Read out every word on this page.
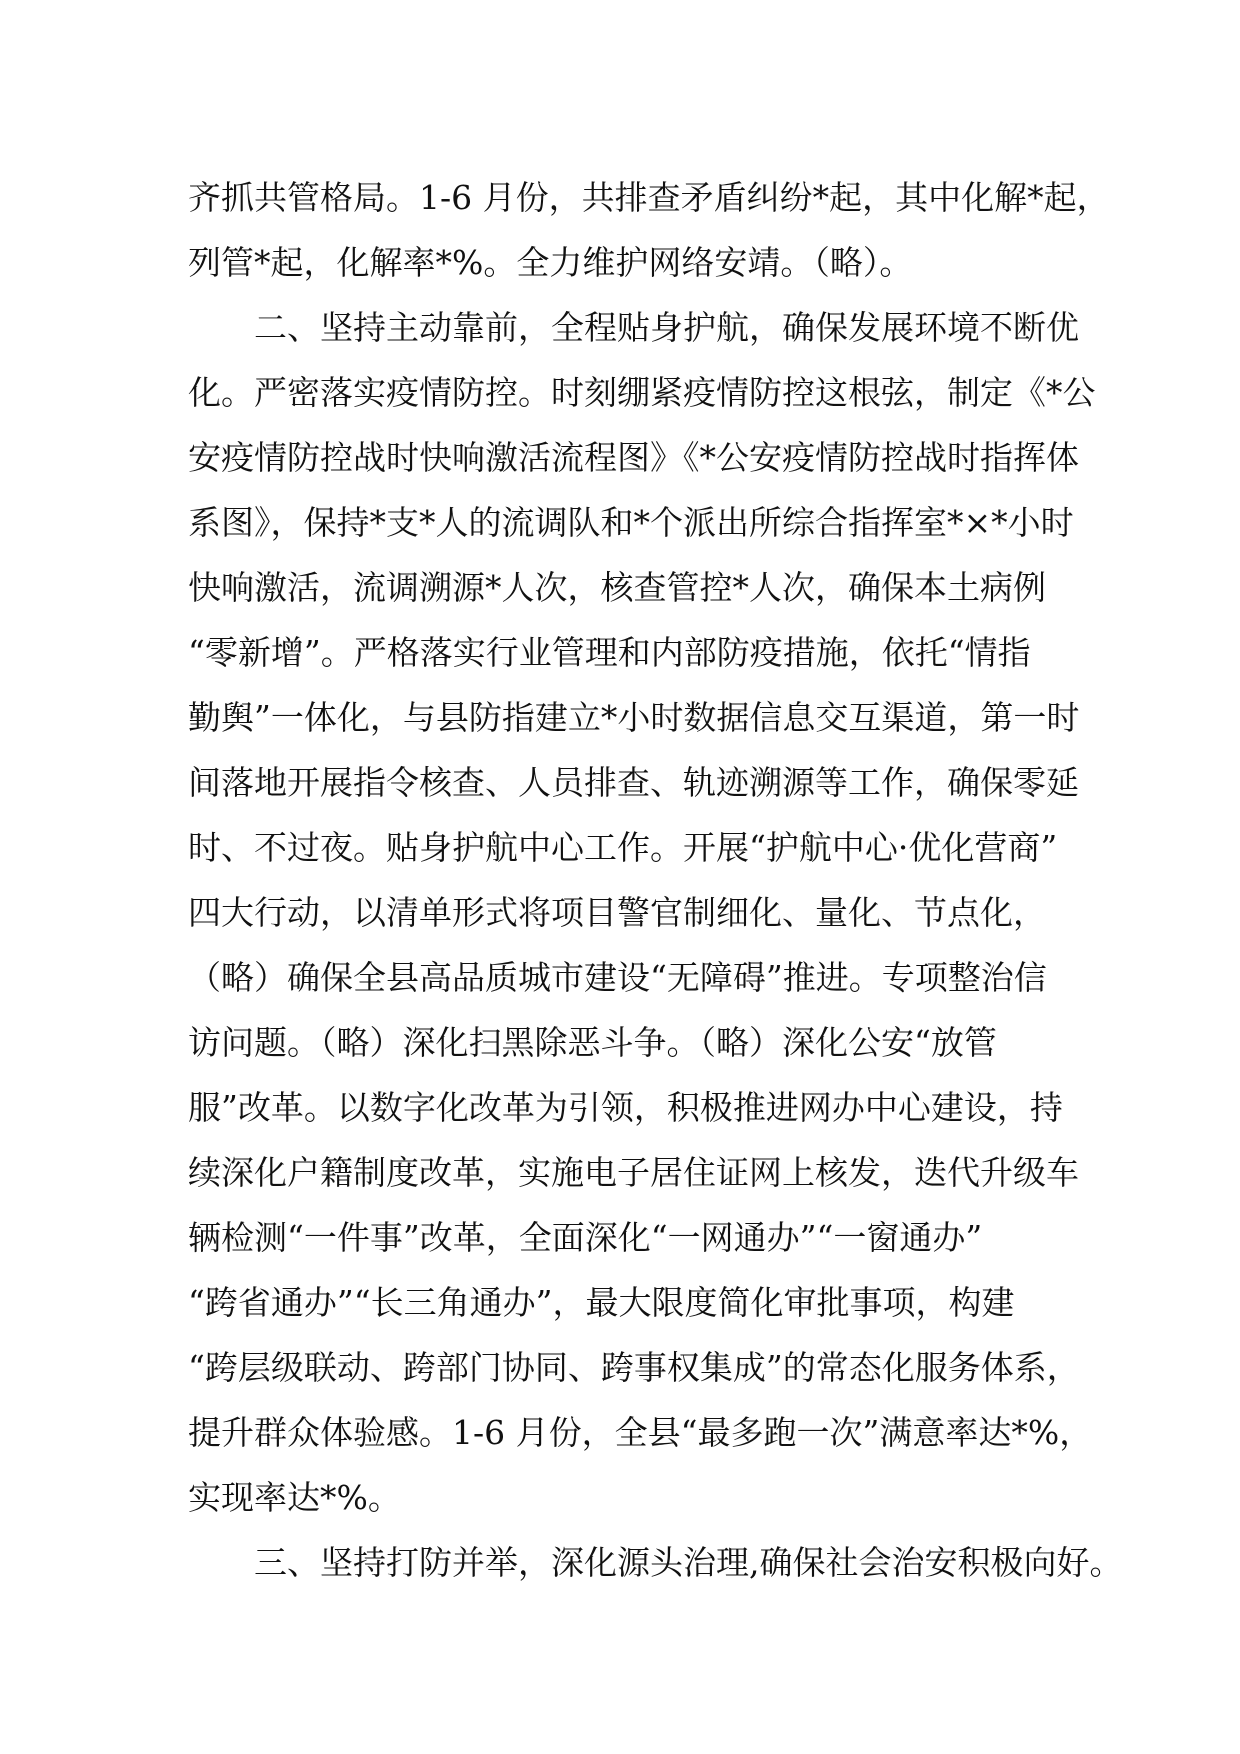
齐抓共管格局。1-6 月份，共排查矛盾纠纷*起，其中化解*起，
列管*起，化解率*%。全力维护网络安靖。（略）。
　　二、坚持主动靠前，全程贴身护航，确保发展环境不断优
化。严密落实疫情防控。时刻绷紧疫情防控这根弦，制定《*公
安疫情防控战时快响激活流程图》《*公安疫情防控战时指挥体
系图》，保持*支*人的流调队和*个派出所综合指挥室*×*小时
快响激活，流调溯源*人次，核查管控*人次，确保本土病例
“零新增”。严格落实行业管理和内部防疫措施，依托“情指
勤舆”一体化，与县防指建立*小时数据信息交互渠道，第一时
间落地开展指令核查、人员排查、轨迹溯源等工作，确保零延
时、不过夜。贴身护航中心工作。开展“护航中心·优化营商”
四大行动，以清单形式将项目警官制细化、量化、节点化，
（略）确保全县高品质城市建设“无障碍”推进。专项整治信
访问题。（略）深化扫黑除恶斗争。（略）深化公安“放管
服”改革。以数字化改革为引领，积极推进网办中心建设，持
续深化户籍制度改革，实施电子居住证网上核发，迭代升级车
辆检测“一件事”改革，全面深化“一网通办”“一窗通办”
“跨省通办”“长三角通办”，最大限度简化审批事项，构建
“跨层级联动、跨部门协同、跨事权集成”的常态化服务体系，
提升群众体验感。1-6 月份，全县“最多跑一次”满意率达*%，
实现率达*%。
　　三、坚持打防并举，深化源头治理,确保社会治安积极向好。
